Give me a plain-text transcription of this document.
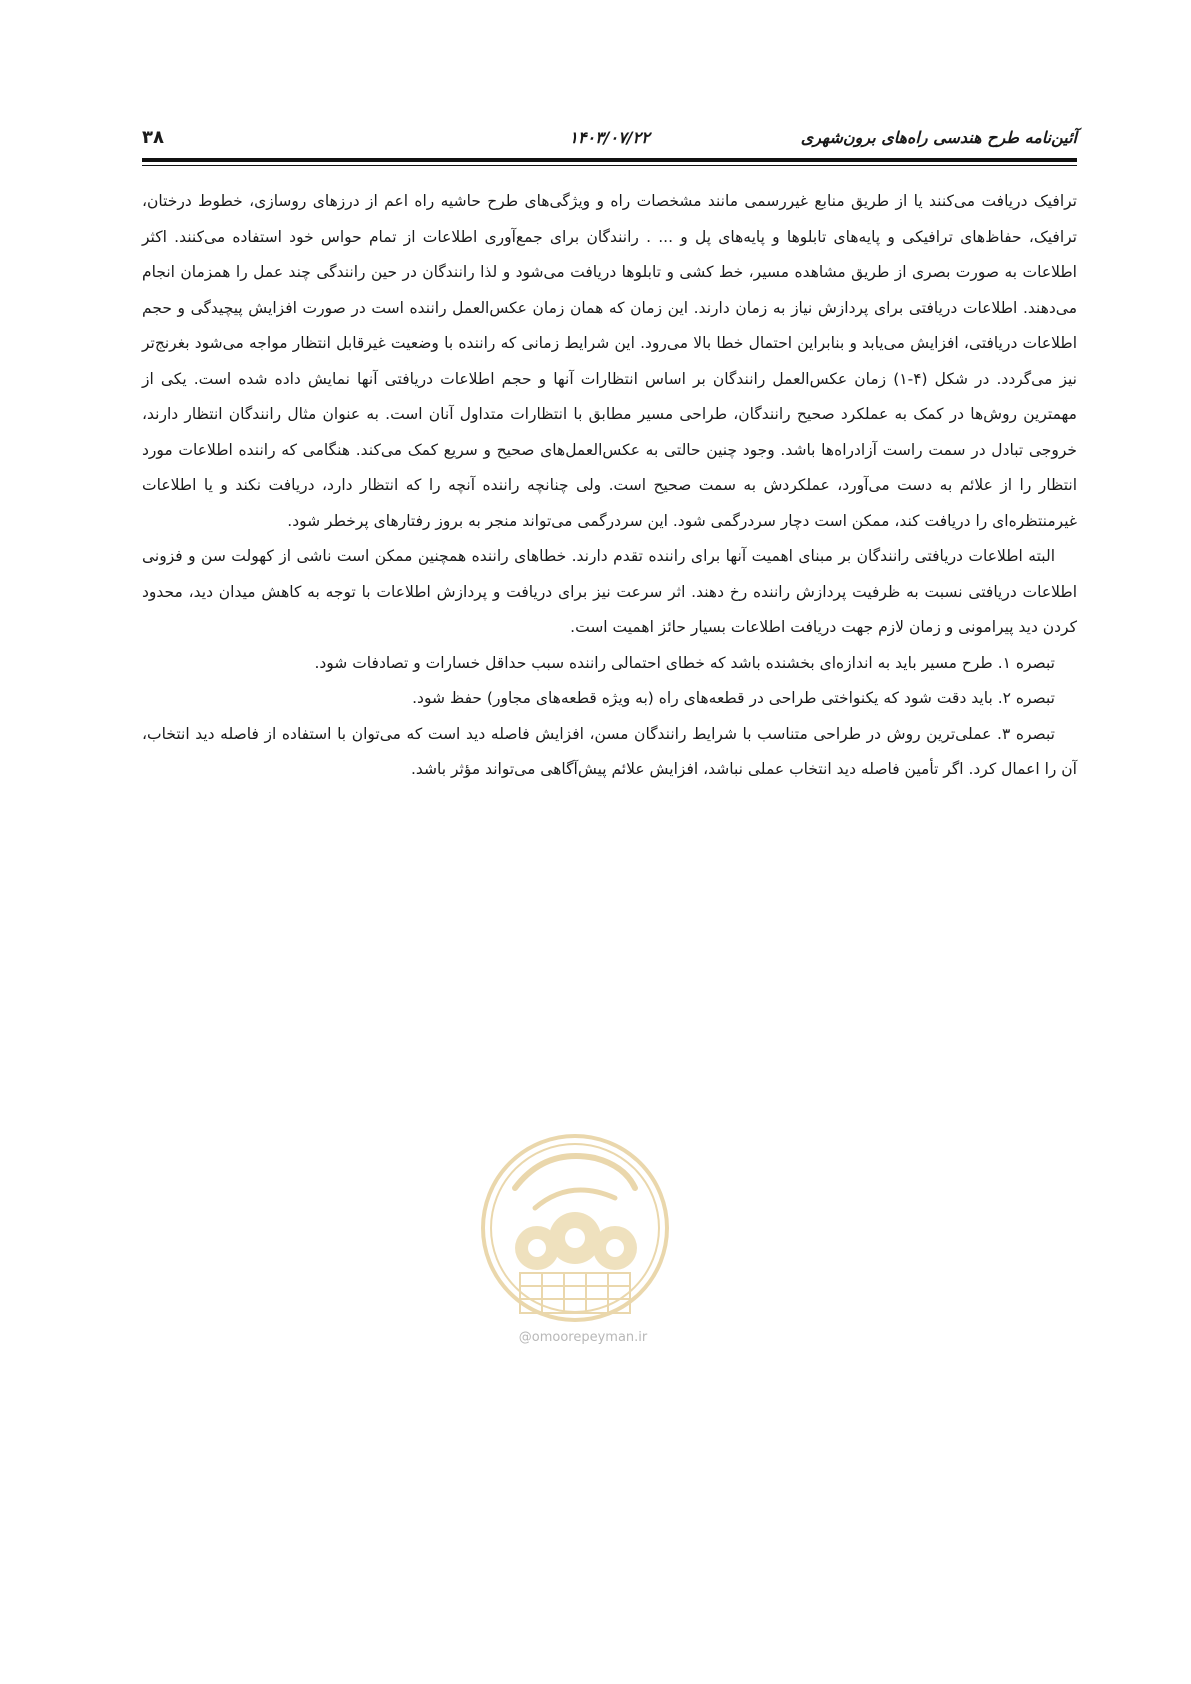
۳۸	۱۴۰۳/۰۷/۲۲	آئین‌نامه طرح هندسی راه‌های برون‌شهری

ترافیک دریافت می‌کنند یا از طریق منابع غیررسمی مانند مشخصات راه و ویژگی‌های طرح حاشیه راه اعم از درزهای روسازی، خطوط درختان، ترافیک، حفاظ‌های ترافیکی و پایه‌های تابلوها و پایه‌های پل و ... . رانندگان برای جمع‌آوری اطلاعات از تمام حواس خود استفاده می‌کنند. اکثر اطلاعات به صورت بصری از طریق مشاهده مسیر، خط کشی و تابلوها دریافت می‌شود و لذا رانندگان در حین رانندگی چند عمل را همزمان انجام می‌دهند. اطلاعات دریافتی برای پردازش نیاز به زمان دارند. این زمان که همان زمان عکس‌العمل راننده است در صورت افزایش پیچیدگی و حجم اطلاعات دریافتی، افزایش می‌یابد و بنابراین احتمال خطا بالا می‌رود. این شرایط زمانی که راننده با وضعیت غیرقابل انتظار مواجه می‌شود بغرنج‌تر نیز می‌گردد. در شکل (۴-۱) زمان عکس‌العمل رانندگان بر اساس انتظارات آنها و حجم اطلاعات دریافتی آنها نمایش داده شده است. یکی از مهمترین روش‌ها در کمک به عملکرد صحیح رانندگان، طراحی مسیر مطابق با انتظارات متداول آنان است. به عنوان مثال رانندگان انتظار دارند، خروجی تبادل در سمت راست آزادراه‌ها باشد. وجود چنین حالتی به عکس‌العمل‌های صحیح و سریع کمک می‌کند. هنگامی که راننده اطلاعات مورد انتظار را از علائم به دست می‌آورد، عملکردش به سمت صحیح است. ولی چنانچه راننده آنچه را که انتظار دارد، دریافت نکند و یا اطلاعات غیرمنتظره‌ای را دریافت کند، ممکن است دچار سردرگمی شود. این سردرگمی می‌تواند منجر به بروز رفتارهای پرخطر شود.

البته اطلاعات دریافتی رانندگان بر مبنای اهمیت آنها برای راننده تقدم دارند. خطاهای راننده همچنین ممکن است ناشی از کهولت سن و فزونی اطلاعات دریافتی نسبت به ظرفیت پردازش راننده رخ دهند. اثر سرعت نیز برای دریافت و پردازش اطلاعات با توجه به کاهش میدان دید، محدود کردن دید پیرامونی و زمان لازم جهت دریافت اطلاعات بسیار حائز اهمیت است.

تبصره ۱. طرح مسیر باید به اندازه‌ای بخشنده باشد که خطای احتمالی راننده سبب حداقل خسارات و تصادفات شود.

تبصره ۲. باید دقت شود که یکنواختی طراحی در قطعه‌های راه (به ویژه قطعه‌های مجاور) حفظ شود.

تبصره ۳. عملی‌ترین روش در طراحی متناسب با شرایط رانندگان مسن، افزایش فاصله دید است که می‌توان با استفاده از فاصله دید انتخاب، آن را اعمال کرد. اگر تأمین فاصله دید انتخاب عملی نباشد، افزایش علائم پیش‌آگاهی می‌تواند مؤثر باشد.

@omoorepeyman.ir
